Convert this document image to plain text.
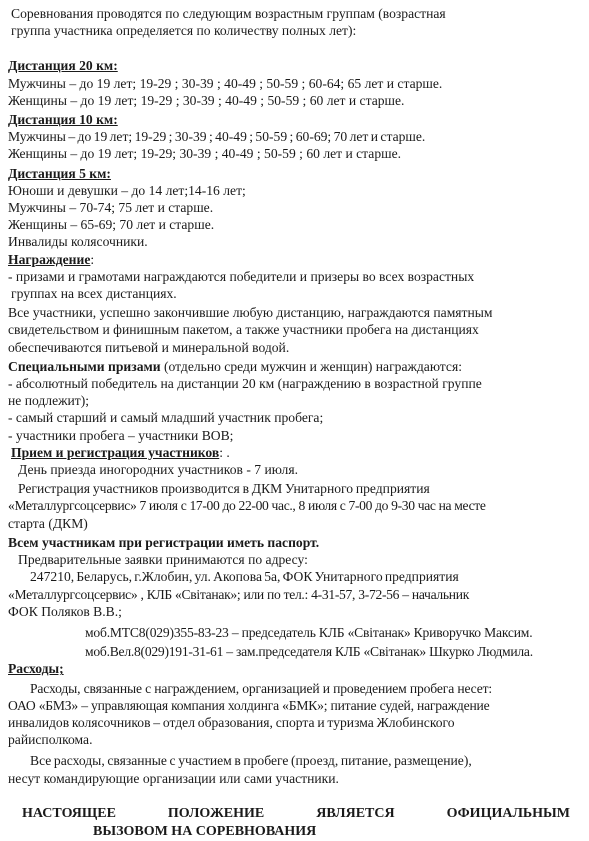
Соревнования проводятся по следующим возрастным группам (возрастная
группа участника определяется по количеству полных лет):
Дистанция 20 км:
Мужчины – до 19 лет; 19-29 ; 30-39 ; 40-49 ; 50-59 ; 60-64; 65 лет и старше.
Женщины – до 19 лет; 19-29 ; 30-39 ; 40-49 ; 50-59 ; 60 лет и старше.
Дистанция 10 км:
Мужчины – до 19 лет; 19-29 ; 30-39 ; 40-49 ; 50-59 ; 60-69; 70 лет и старше.
Женщины – до 19 лет; 19-29; 30-39 ; 40-49 ; 50-59 ; 60 лет и старше.
Дистанция 5 км:
Юноши и девушки – до 14 лет;14-16 лет;
Мужчины – 70-74; 75 лет и старше.
Женщины – 65-69; 70 лет и старше.
Инвалиды колясочники.
Награждение:
- призами и грамотами награждаются победители и призеры во всех возрастных
группах на всех дистанциях.
Все участники, успешно закончившие любую дистанцию, награждаются памятным
свидетельством и финишным пакетом, а также участники пробега на дистанциях
обеспечиваются питьевой и минеральной водой.
Специальными призами (отдельно среди мужчин и женщин) награждаются:
- абсолютный победитель на дистанции 20 км (награждению в возрастной группе
не подлежит);
- самый старший и самый младший участник пробега;
- участники пробега – участники ВОВ;
Прием и регистрация участников: .
День приезда иногородних участников - 7 июля.
Регистрация участников производится в ДКМ Унитарного предприятия
«Металлургсоцсервис» 7 июля с 17-00 до 22-00 час., 8 июля с 7-00 до 9-30 час на месте
старта (ДКМ)
Всем участникам при регистрации иметь паспорт.
Предварительные заявки принимаются по адресу:
247210, Беларусь, г.Жлобин, ул. Акопова 5а, ФОК Унитарного предприятия
«Металлургсоцсервис» , КЛБ «Світанак»; или по тел.: 4-31-57, 3-72-56 – начальник
ФОК Поляков В.В.;
моб.МТС8(029)355-83-23 – председатель КЛБ «Світанак» Криворучко Максим.
моб.Вел.8(029)191-31-61 – зам.председателя КЛБ «Світанак» Шкурко Людмила.
Расходы;
Расходы, связанные с награждением, организацией и проведением пробега несет:
ОАО «БМЗ» – управляющая компания холдинга «БМК»; питание судей, награждение
инвалидов колясочников – отдел образования, спорта и туризма Жлобинского
райисполкома.
Все расходы, связанные с участием в пробеге (проезд, питание, размещение),
несут командирующие организации или сами участники.
НАСТОЯЩЕЕ ПОЛОЖЕНИЕ ЯВЛЯЕТСЯ ОФИЦИАЛЬНЫМ
ВЫЗОВОМ НА СОРЕВНОВАНИЯ
